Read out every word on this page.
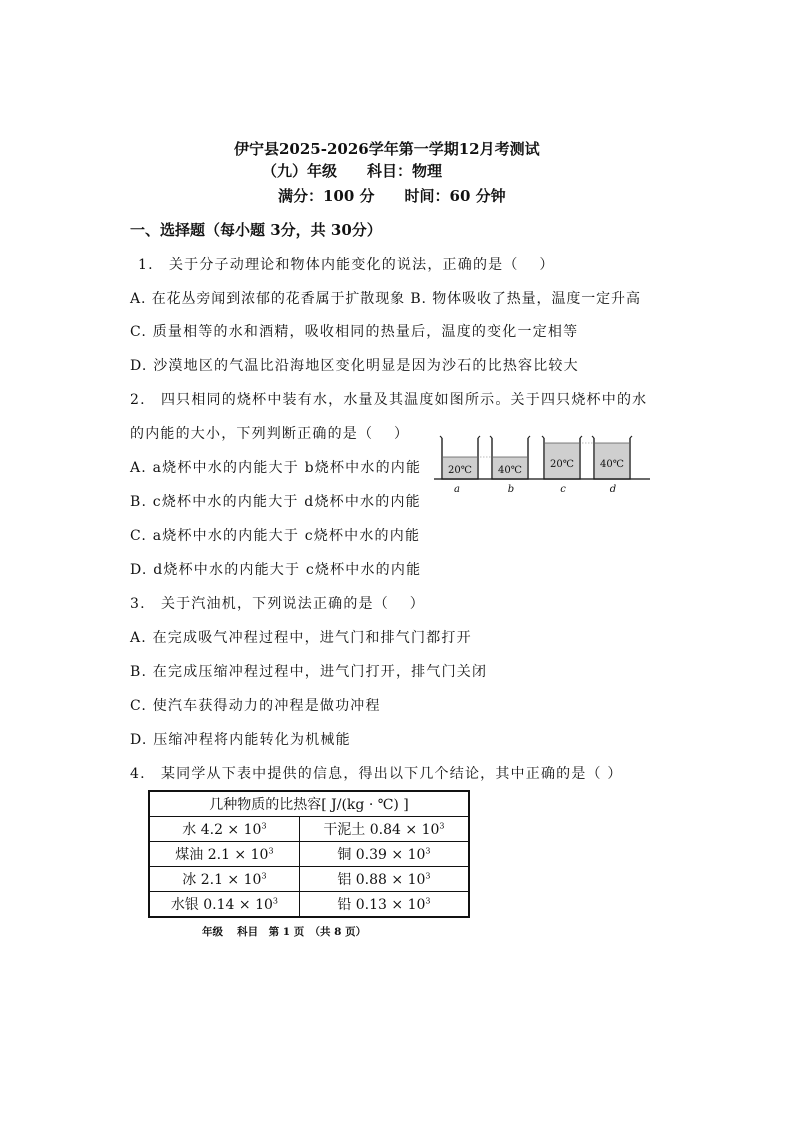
伊宁县2025-2026学年第一学期12月考测试
（九）年级　　科目：物理
满分：100 分　　时间：60 分钟
一、选择题（每小题 3分，共 30分）
1.　关于分子动理论和物体内能变化的说法，正确的是（　 ）
A. 在花丛旁闻到浓郁的花香属于扩散现象 B. 物体吸收了热量，温度一定升高
C. 质量相等的水和酒精，吸收相同的热量后，温度的变化一定相等
D. 沙漠地区的气温比沿海地区变化明显是因为沙石的比热容比较大
2.　四只相同的烧杯中装有水，水量及其温度如图所示。关于四只烧杯中的水
的内能的大小，下列判断正确的是（　 ）
A. a烧杯中水的内能大于 b烧杯中水的内能
B. c烧杯中水的内能大于 d烧杯中水的内能
C. a烧杯中水的内能大于 c烧杯中水的内能
D. d烧杯中水的内能大于 c烧杯中水的内能
20℃	40℃
20℃	40℃
a	b	c	d
3.　关于汽油机，下列说法正确的是（　 ）
A. 在完成吸气冲程过程中，进气门和排气门都打开
B. 在完成压缩冲程过程中，进气门打开，排气门关闭
C. 使汽车获得动力的冲程是做功冲程
D. 压缩冲程将内能转化为机械能
4.　某同学从下表中提供的信息，得出以下几个结论，其中正确的是（ ）
几种物质的比热容[ J/(kg · ℃) ]	
水 $4.2 \times 10^3$	干泥土 $0.84 \times 10^3$
煤油 $2.1 \times 10^3$	铜 $0.39 \times 10^3$
冰 $2.1 \times 10^3$	铝 $0.88 \times 10^3$
水银 $0.14 \times 10^3$	铅 $0.13 \times 10^3$
年级　 科目　第 1 页　（共 8 页）
